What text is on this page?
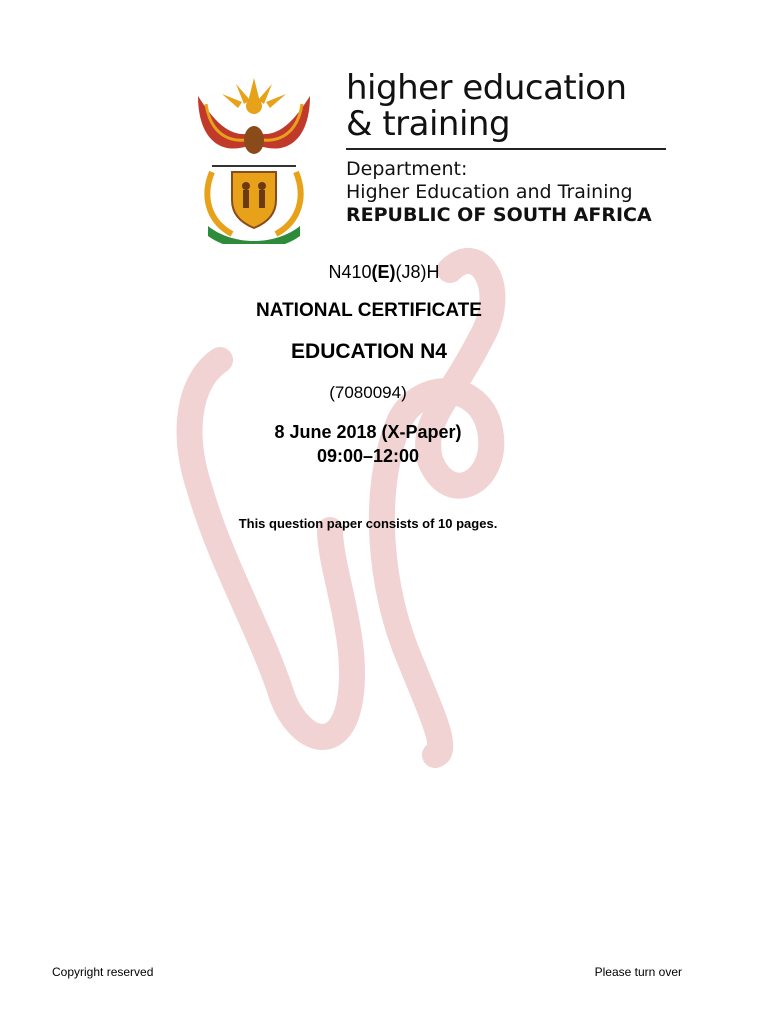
higher education
& training
Department:
Higher Education and Training
REPUBLIC OF SOUTH AFRICA
N410(E)(J8)H
NATIONAL CERTIFICATE
EDUCATION N4
(7080094)
8 June 2018 (X-Paper)
09:00–12:00
This question paper consists of 10 pages.
Copyright reserved	Please turn over
